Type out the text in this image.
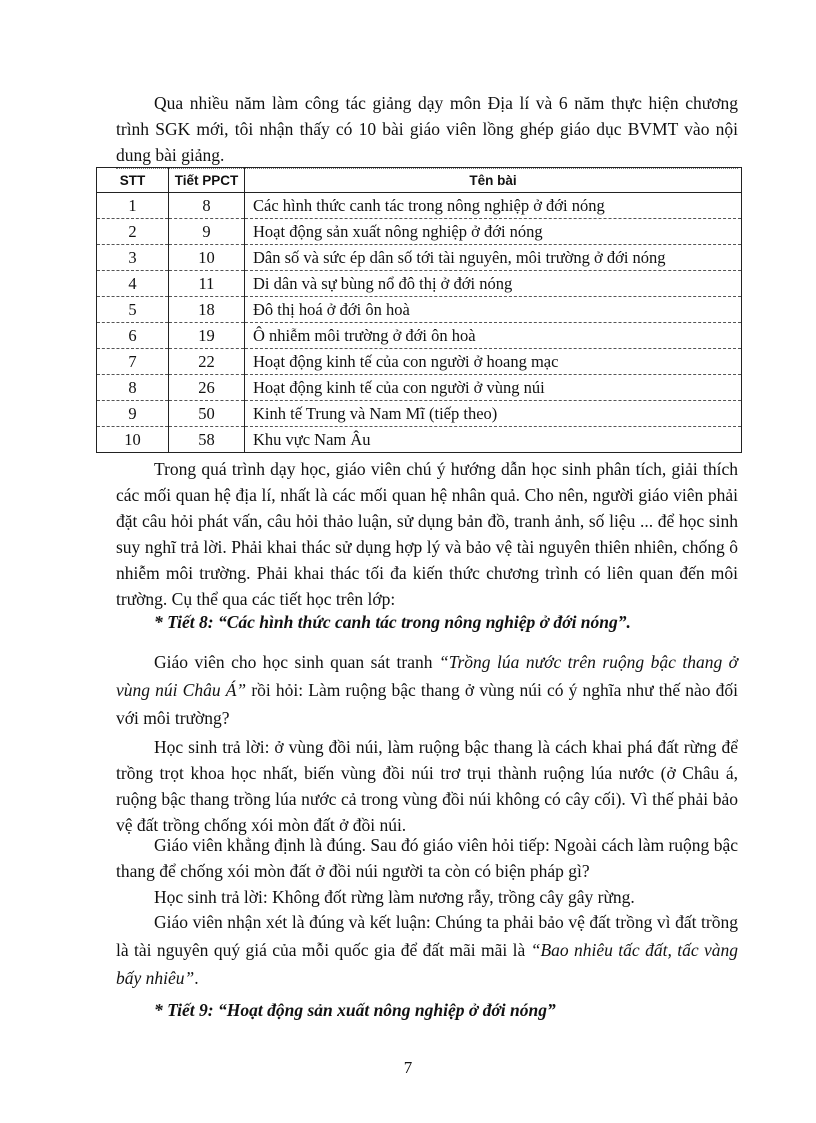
Qua nhiều năm làm công tác giảng dạy môn Địa lí và 6 năm thực hiện chương trình SGK mới, tôi nhận thấy có 10 bài giáo viên lồng ghép giáo dục BVMT vào nội dung bài giảng.

STT	Tiết PPCT	Tên bài
1	8	Các hình thức canh tác trong nông nghiệp ở đới nóng
2	9	Hoạt động sản xuất nông nghiệp ở đới nóng
3	10	Dân số và sức ép dân số tới tài nguyên, môi trường ở đới nóng
4	11	Di dân và sự bùng nổ đô thị ở đới nóng
5	18	Đô thị hoá ở đới ôn hoà
6	19	Ô nhiễm môi trường ở đới ôn hoà
7	22	Hoạt động kinh tế của con người ở hoang mạc
8	26	Hoạt động kinh tế của con người ở vùng núi
9	50	Kinh tế Trung và Nam Mĩ (tiếp theo)
10	58	Khu vực Nam Âu

Trong quá trình dạy học, giáo viên chú ý hướng dẫn học sinh phân tích, giải thích các mối quan hệ địa lí, nhất là các mối quan hệ nhân quả. Cho nên, người giáo viên phải đặt câu hỏi phát vấn, câu hỏi thảo luận, sử dụng bản đồ, tranh ảnh, số liệu ... để học sinh suy nghĩ trả lời. Phải khai thác sử dụng hợp lý và bảo vệ tài nguyên thiên nhiên, chống ô nhiễm môi trường. Phải khai thác tối đa kiến thức chương trình có liên quan đến môi trường. Cụ thể qua các tiết học trên lớp:

* Tiết 8: “Các hình thức canh tác trong nông nghiệp ở đới nóng”.

Giáo viên cho học sinh quan sát tranh “Trồng lúa nước trên ruộng bậc thang ở vùng núi Châu Á” rồi hỏi: Làm ruộng bậc thang ở vùng núi có ý nghĩa như thế nào đối với môi trường?

Học sinh trả lời: ở vùng đồi núi, làm ruộng bậc thang là cách khai phá đất rừng để trồng trọt khoa học nhất, biến vùng đồi núi trơ trụi thành ruộng lúa nước (ở Châu á, ruộng bậc thang trồng lúa nước cả trong vùng đồi núi không có cây cối). Vì thế phải bảo vệ đất trồng chống xói mòn đất ở đồi núi.

Giáo viên khẳng định là đúng. Sau đó giáo viên hỏi tiếp: Ngoài cách làm ruộng bậc thang để chống xói mòn đất ở đồi núi người ta còn có biện pháp gì?

Học sinh trả lời: Không đốt rừng làm nương rẫy, trồng cây gây rừng.

Giáo viên nhận xét là đúng và kết luận: Chúng ta phải bảo vệ đất trồng vì đất trồng là tài nguyên quý giá của mỗi quốc gia để đất mãi mãi là “Bao nhiêu tấc đất, tấc vàng bấy nhiêu”.

* Tiết 9: “Hoạt động sản xuất nông nghiệp ở đới nóng”

7
